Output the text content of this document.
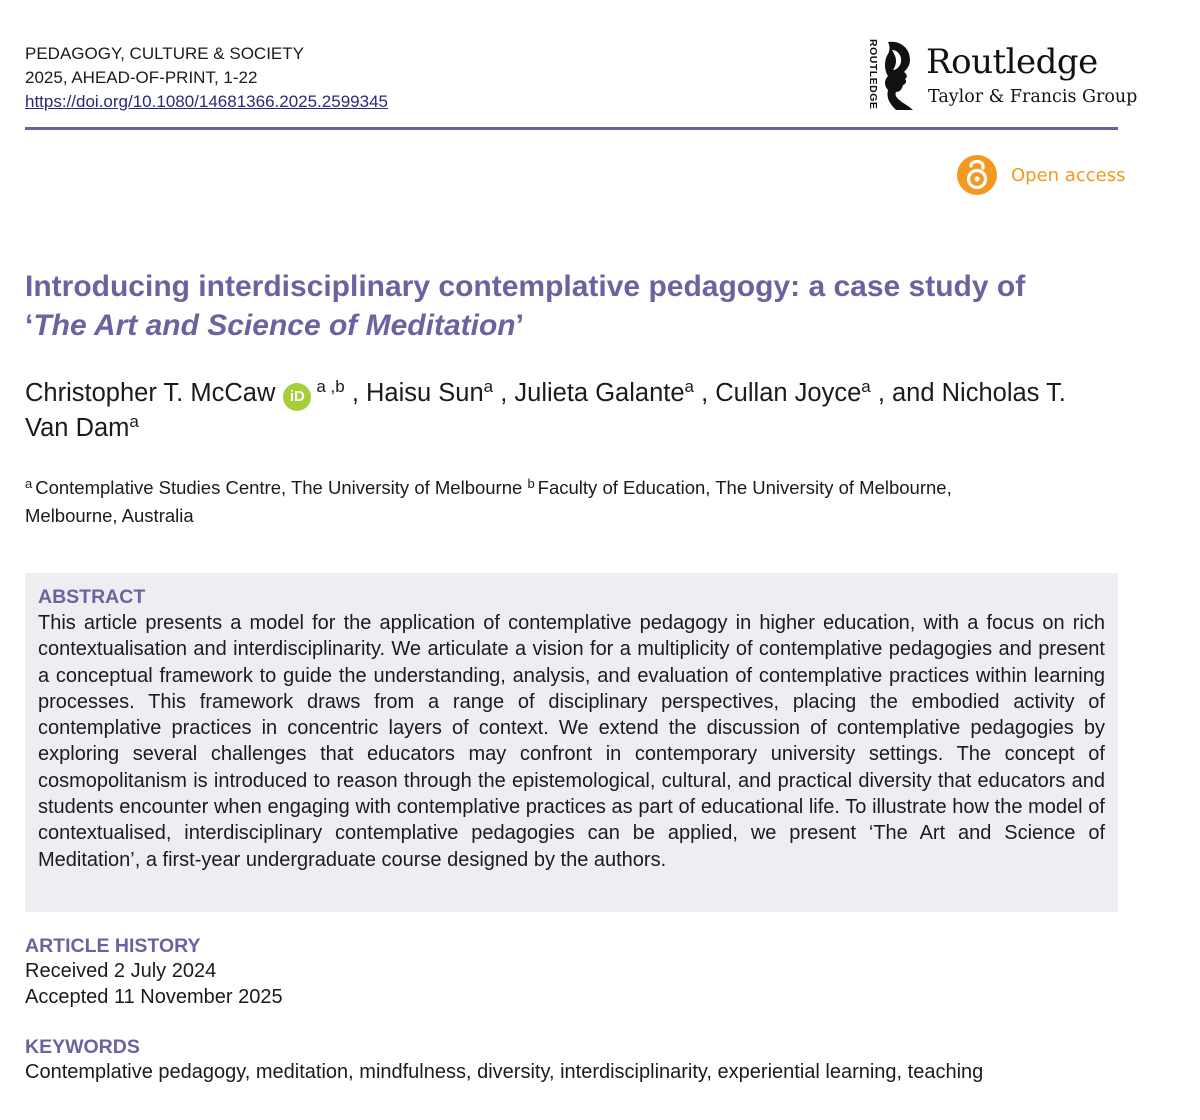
PEDAGOGY, CULTURE & SOCIETY
2025, AHEAD-OF-PRINT, 1-22
https://doi.org/10.1080/14681366.2025.2599345	ROUTLEDGE Routledge
Taylor & Francis Group
Open access
Introducing interdisciplinary contemplative pedagogy: a case study of
‘The Art and Science of Meditation’
Christopher T. McCaw iD$^{a ,b}$ , Haisu Sun$^a$ , Julieta Galante$^a$ , Cullan Joyce$^a$ , and Nicholas T.
Van Dam$^a$
$^a$ Contemplative Studies Centre, The University of Melbourne $^b$ Faculty of Education, The University of Melbourne,
Melbourne, Australia
ABSTRACT

This article presents a model for the application of contemplative pedagogy in higher education, with a focus on rich contextualisation and interdisciplinarity. We articulate a vision for a multiplicity of contemplative pedagogies and present a conceptual framework to guide the understanding, analysis, and evaluation of contemplative practices within learning processes. This framework draws from a range of disciplinary perspectives, placing the embodied activity of contemplative practices in concentric layers of context. We extend the discussion of contemplative pedagogies by exploring several challenges that educators may confront in contemporary university settings. The concept of cosmopolitanism is introduced to reason through the epistemological, cultural, and practical diversity that educators and students encounter when engaging with contemplative practices as part of educational life. To illustrate how the model of contextualised, interdisciplinary contemplative pedagogies can be applied, we present ‘The Art and Science of Meditation’, a first-year undergraduate course designed by the authors.

ARTICLE HISTORY
Received 2 July 2024
Accepted 11 November 2025
KEYWORDS
Contemplative pedagogy, meditation, mindfulness, diversity, interdisciplinarity, experiential learning, teaching
